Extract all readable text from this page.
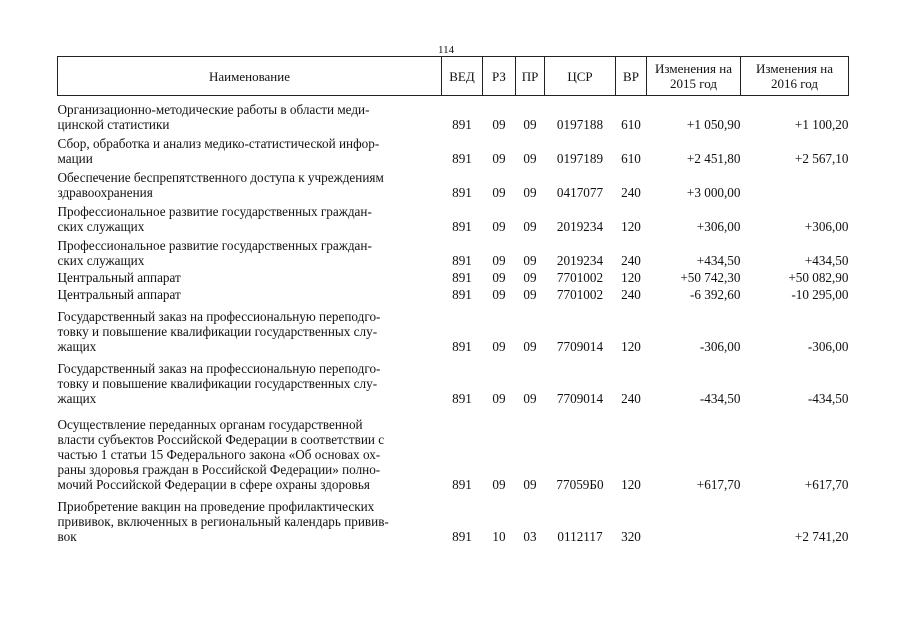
114
Наименование	ВЕД	РЗ	ПР	ЦСР	ВР	Изменения на 2015 год	Изменения на 2016 год

Организационно-методические работы в области меди-
цинской статистики	891	09	09	0197188	610	+1 050,90	+1 100,20

Сбор, обработка и анализ медико-статистической инфор-
мации	891	09	09	0197189	610	+2 451,80	+2 567,10

Обеспечение беспрепятственного доступа к учреждениям
здравоохранения	891	09	09	0417077	240	+3 000,00	

Профессиональное развитие государственных граждан-
ских служащих	891	09	09	2019234	120	+306,00	+306,00

Профессиональное развитие государственных граждан-
ских служащих	891	09	09	2019234	240	+434,50	+434,50

Центральный аппарат	891	09	09	7701002	120	+50 742,30	+50 082,90

Центральный аппарат	891	09	09	7701002	240	-6 392,60	-10 295,00

Государственный заказ на профессиональную переподго-
товку и повышение квалификации государственных слу-
жащих	891	09	09	7709014	120	-306,00	-306,00

Государственный заказ на профессиональную переподго-
товку и повышение квалификации государственных слу-
жащих	891	09	09	7709014	240	-434,50	-434,50

Осуществление переданных органам государственной
власти субъектов Российской Федерации в соответствии с
частью 1 статьи 15 Федерального закона «Об основах ох-
раны здоровья граждан в Российской Федерации» полно-
мочий Российской Федерации в сфере охраны здоровья	891	09	09	77059Б0	120	+617,70	+617,70

Приобретение вакцин на проведение профилактических
прививок, включенных в региональный календарь привив-
вок	891	10	03	0112117	320		+2 741,20
